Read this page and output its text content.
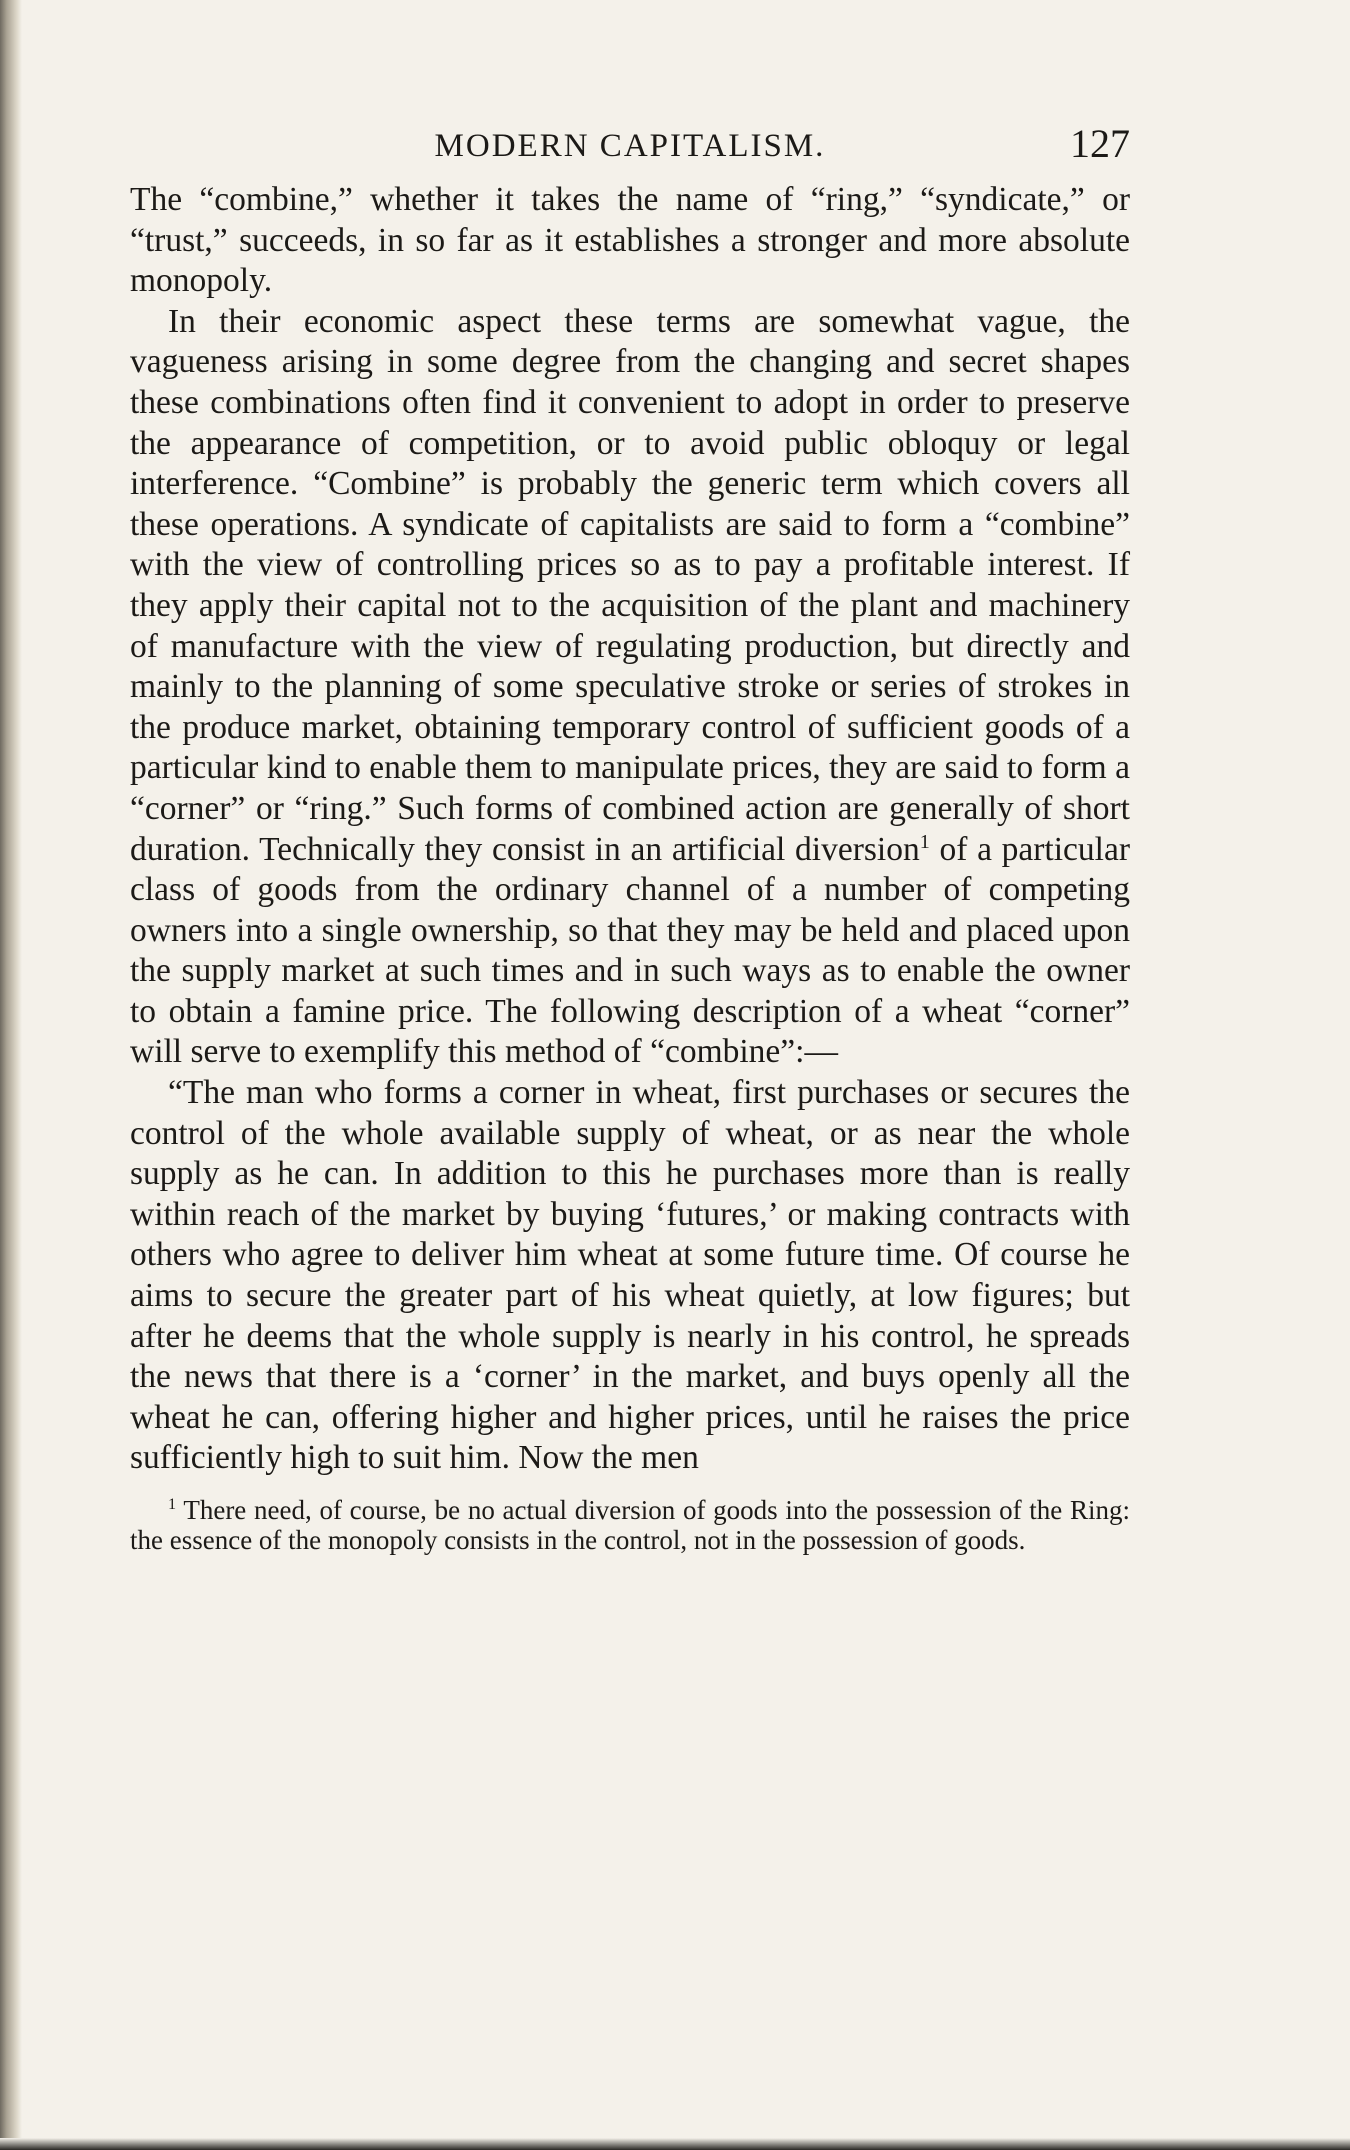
MODERN CAPITALISM.	127

The “combine,” whether it takes the name of “ring,” “syndicate,” or “trust,” succeeds, in so far as it establishes a stronger and more absolute monopoly.

In their economic aspect these terms are somewhat vague, the vagueness arising in some degree from the changing and secret shapes these combinations often find it convenient to adopt in order to preserve the appearance of competition, or to avoid public obloquy or legal interference. “Combine” is probably the generic term which covers all these operations. A syndicate of capitalists are said to form a “combine” with the view of controlling prices so as to pay a profitable interest. If they apply their capital not to the acquisition of the plant and machinery of manufacture with the view of regulating production, but directly and mainly to the planning of some speculative stroke or series of strokes in the produce market, obtaining temporary control of sufficient goods of a particular kind to enable them to manipulate prices, they are said to form a “corner” or “ring.” Such forms of combined action are generally of short duration. Technically they consist in an artificial diversion$^1$ of a particular class of goods from the ordinary channel of a number of competing owners into a single ownership, so that they may be held and placed upon the supply market at such times and in such ways as to enable the owner to obtain a famine price. The following description of a wheat “corner” will serve to exemplify this method of “combine”:—

“The man who forms a corner in wheat, first purchases or secures the control of the whole available supply of wheat, or as near the whole supply as he can. In addition to this he purchases more than is really within reach of the market by buying ‘futures,’ or making contracts with others who agree to deliver him wheat at some future time. Of course he aims to secure the greater part of his wheat quietly, at low figures; but after he deems that the whole supply is nearly in his control, he spreads the news that there is a ‘corner’ in the market, and buys openly all the wheat he can, offering higher and higher prices, until he raises the price sufficiently high to suit him. Now the men

$^1$ There need, of course, be no actual diversion of goods into the possession of the Ring: the essence of the monopoly consists in the control, not in the possession of goods.
